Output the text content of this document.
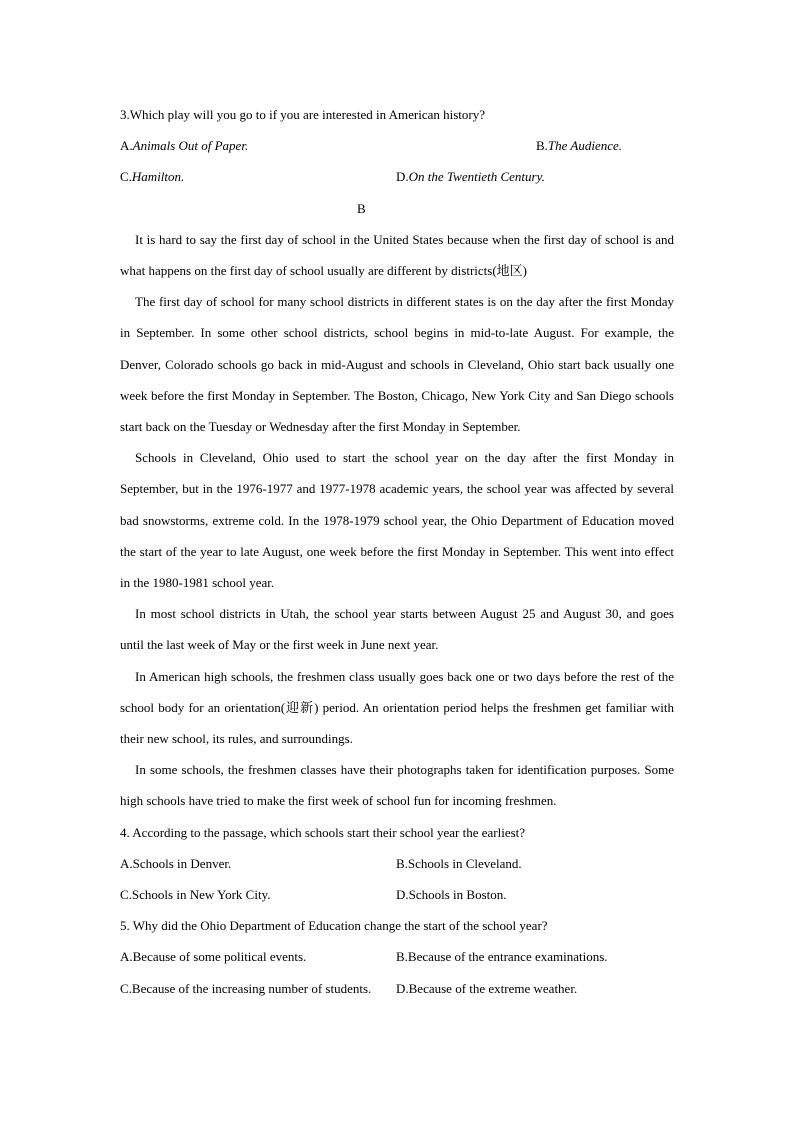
3.Which play will you go to if you are interested in American history?
A.Animals Out of Paper.	B.The Audience.
C.Hamilton.	D.On the Twentieth Century.
B

It is hard to say the first day of school in the United States because when the first day of school is and what happens on the first day of school usually are different by districts(地区)

The first day of school for many school districts in different states is on the day after the first Monday in September. In some other school districts, school begins in mid-to-late August. For example, the Denver, Colorado schools go back in mid-August and schools in Cleveland, Ohio start back usually one week before the first Monday in September. The Boston, Chicago, New York City and San Diego schools start back on the Tuesday or Wednesday after the first Monday in September.

Schools in Cleveland, Ohio used to start the school year on the day after the first Monday in September, but in the 1976-1977 and 1977-1978 academic years, the school year was affected by several bad snowstorms, extreme cold. In the 1978-1979 school year, the Ohio Department of Education moved the start of the year to late August, one week before the first Monday in September. This went into effect in the 1980-1981 school year.

In most school districts in Utah, the school year starts between August 25 and August 30, and goes until the last week of May or the first week in June next year.

In American high schools, the freshmen class usually goes back one or two days before the rest of the school body for an orientation(迎新) period. An orientation period helps the freshmen get familiar with their new school, its rules, and surroundings.

In some schools, the freshmen classes have their photographs taken for identification purposes. Some high schools have tried to make the first week of school fun for incoming freshmen.

4. According to the passage, which schools start their school year the earliest?
A.Schools in Denver.	B.Schools in Cleveland.
C.Schools in New York City.	D.Schools in Boston.
5. Why did the Ohio Department of Education change the start of the school year?
A.Because of some political events.	B.Because of the entrance examinations.
C.Because of the increasing number of students. D.Because of the extreme weather.
